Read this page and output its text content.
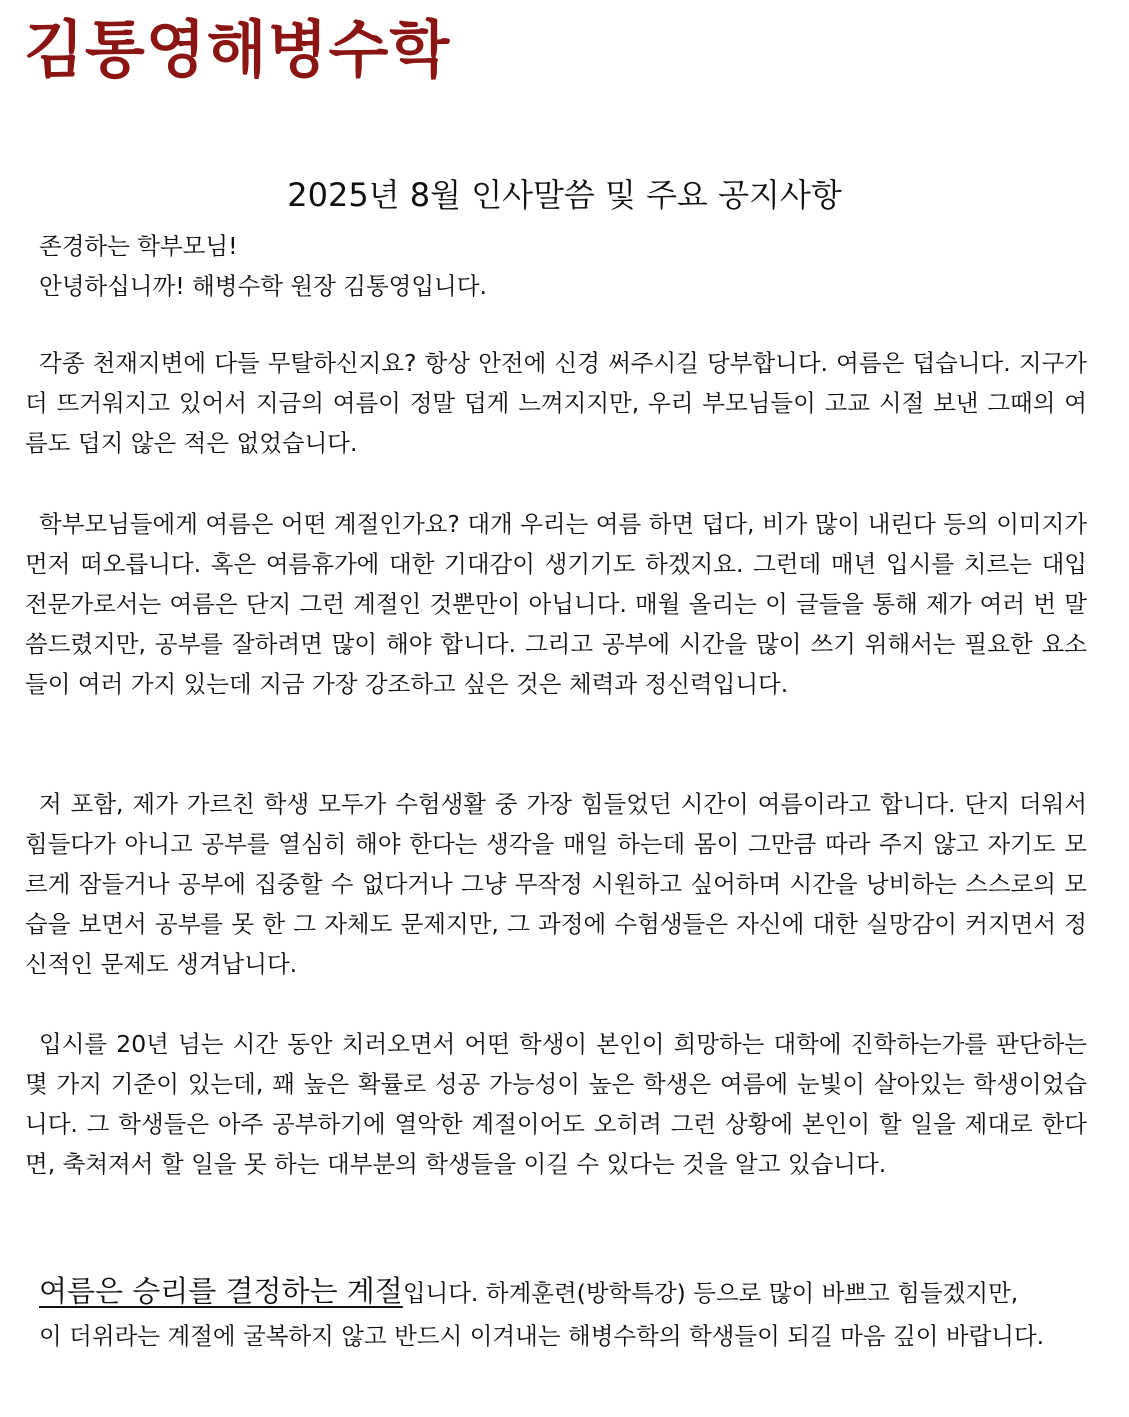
김통영해병수학
2025년 8월 인사말씀 및 주요 공지사항
존경하는 학부모님!
안녕하십니까! 해병수학 원장 김통영입니다.

각종 천재지변에 다들 무탈하신지요? 항상 안전에 신경 써주시길 당부합니다. 여름은 덥습니다. 지구가 더 뜨거워지고 있어서 지금의 여름이 정말 덥게 느껴지지만, 우리 부모님들이 고교 시절 보낸 그때의 여름도 덥지 않은 적은 없었습니다.

학부모님들에게 여름은 어떤 계절인가요? 대개 우리는 여름 하면 덥다, 비가 많이 내린다 등의 이미지가 먼저 떠오릅니다. 혹은 여름휴가에 대한 기대감이 생기기도 하겠지요. 그런데 매년 입시를 치르는 대입 전문가로서는 여름은 단지 그런 계절인 것뿐만이 아닙니다. 매월 올리는 이 글들을 통해 제가 여러 번 말씀드렸지만, 공부를 잘하려면 많이 해야 합니다. 그리고 공부에 시간을 많이 쓰기 위해서는 필요한 요소들이 여러 가지 있는데 지금 가장 강조하고 싶은 것은 체력과 정신력입니다.

저 포함, 제가 가르친 학생 모두가 수험생활 중 가장 힘들었던 시간이 여름이라고 합니다. 단지 더워서 힘들다가 아니고 공부를 열심히 해야 한다는 생각을 매일 하는데 몸이 그만큼 따라 주지 않고 자기도 모르게 잠들거나 공부에 집중할 수 없다거나 그냥 무작정 시원하고 싶어하며 시간을 낭비하는 스스로의 모습을 보면서 공부를 못 한 그 자체도 문제지만, 그 과정에 수험생들은 자신에 대한 실망감이 커지면서 정신적인 문제도 생겨납니다.

입시를 20년 넘는 시간 동안 치러오면서 어떤 학생이 본인이 희망하는 대학에 진학하는가를 판단하는 몇 가지 기준이 있는데, 꽤 높은 확률로 성공 가능성이 높은 학생은 여름에 눈빛이 살아있는 학생이었습니다. 그 학생들은 아주 공부하기에 열악한 계절이어도 오히려 그런 상황에 본인이 할 일을 제대로 한다면, 축쳐져서 할 일을 못 하는 대부분의 학생들을 이길 수 있다는 것을 알고 있습니다.

여름은 승리를 결정하는 계절입니다. 하계훈련(방학특강) 등으로 많이 바쁘고 힘들겠지만,
이 더위라는 계절에 굴복하지 않고 반드시 이겨내는 해병수학의 학생들이 되길 마음 깊이 바랍니다.
